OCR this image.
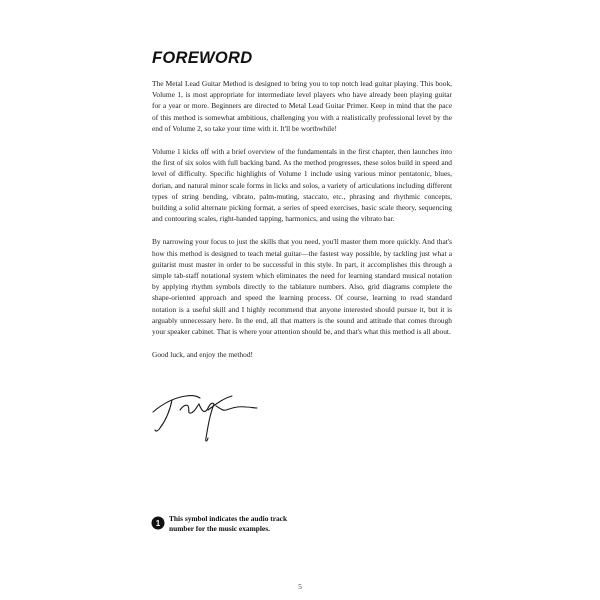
FOREWORD

The Metal Lead Guitar Method is designed to bring you to top notch lead guitar playing. This book, Volume 1, is most appropriate for intermediate level players who have already been playing guitar for a year or more. Beginners are directed to Metal Lead Guitar Primer. Keep in mind that the pace of this method is somewhat ambitious, challenging you with a realistically professional level by the end of Volume 2, so take your time with it. It'll be worthwhile!

Volume 1 kicks off with a brief overview of the fundamentals in the first chapter, then launches into the first of six solos with full backing band. As the method progresses, these solos build in speed and level of difficulty. Specific highlights of Volume 1 include using various minor pentatonic, blues, dorian, and natural minor scale forms in licks and solos, a variety of articulations including different types of string bending, vibrato, palm-muting, staccato, etc., phrasing and rhythmic concepts, building a solid alternate picking format, a series of speed exercises, basic scale theory, sequencing and contouring scales, right-handed tapping, harmonics, and using the vibrato bar.

By narrowing your focus to just the skills that you need, you'll master them more quickly. And that's how this method is designed to teach metal guitar—the fastest way possible, by tackling just what a guitarist must master in order to be successful in this style. In part, it accomplishes this through a simple tab-staff notational system which eliminates the need for learning standard musical notation by applying rhythm symbols directly to the tablature numbers. Also, grid diagrams complete the shape-oriented approach and speed the learning process. Of course, learning to read standard notation is a useful skill and I highly recommend that anyone interested should pursue it, but it is arguably unnecessary here. In the end, all that matters is the sound and attitude that comes through your speaker cabinet. That is where your attention should be, and that's what this method is all about.

Good luck, and enjoy the method!

1
This symbol indicates the audio track number for the music examples.
5
